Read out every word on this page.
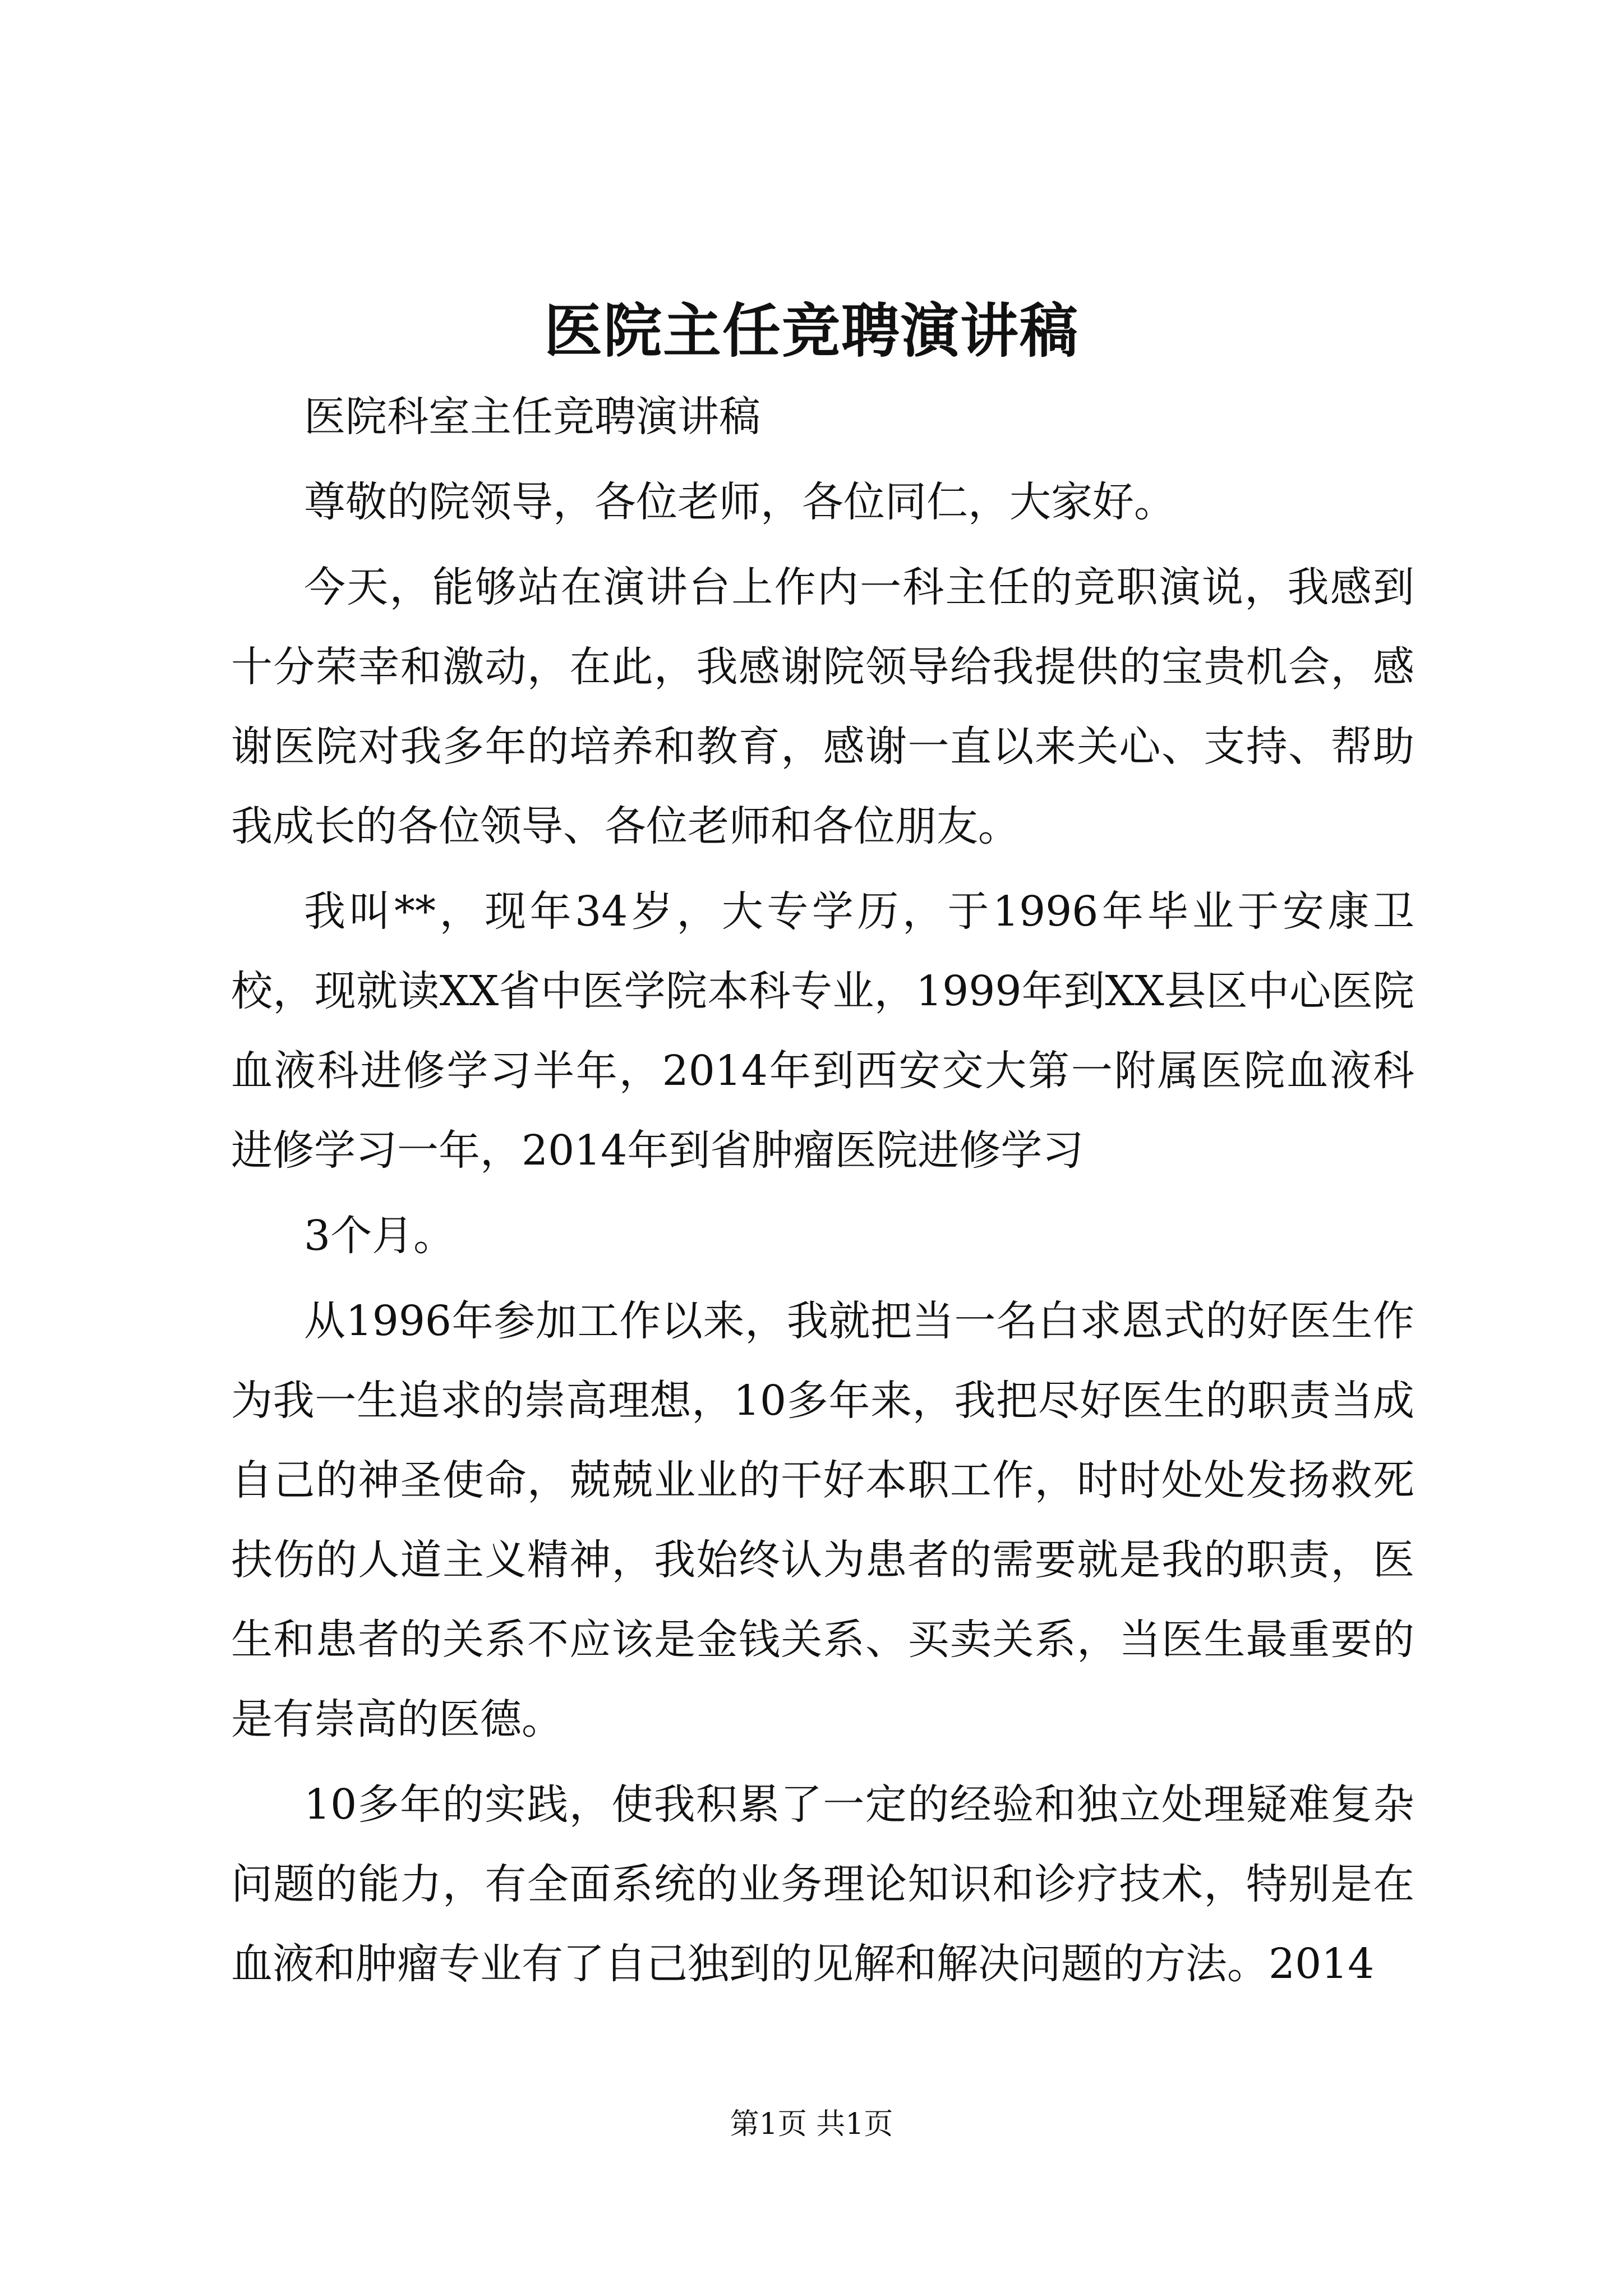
医院主任竞聘演讲稿

医院科室主任竞聘演讲稿

尊敬的院领导，各位老师，各位同仁，大家好。

今天，能够站在演讲台上作内一科主任的竞职演说，我感到十分荣幸和激动，在此，我感谢院领导给我提供的宝贵机会，感谢医院对我多年的培养和教育，感谢一直以来关心、支持、帮助我成长的各位领导、各位老师和各位朋友。

我叫**，现年34岁，大专学历，于1996年毕业于安康卫校，现就读XX省中医学院本科专业，1999年到XX县区中心医院血液科进修学习半年，2014年到西安交大第一附属医院血液科进修学习一年，2014年到省肿瘤医院进修学习

3个月。

从1996年参加工作以来，我就把当一名白求恩式的好医生作为我一生追求的崇高理想，10多年来，我把尽好医生的职责当成自己的神圣使命，兢兢业业的干好本职工作，时时处处发扬救死扶伤的人道主义精神，我始终认为患者的需要就是我的职责，医生和患者的关系不应该是金钱关系、买卖关系，当医生最重要的是有崇高的医德。

10多年的实践，使我积累了一定的经验和独立处理疑难复杂问题的能力，有全面系统的业务理论知识和诊疗技术，特别是在血液和肿瘤专业有了自己独到的见解和解决问题的方法。2014

第1页 共1页
